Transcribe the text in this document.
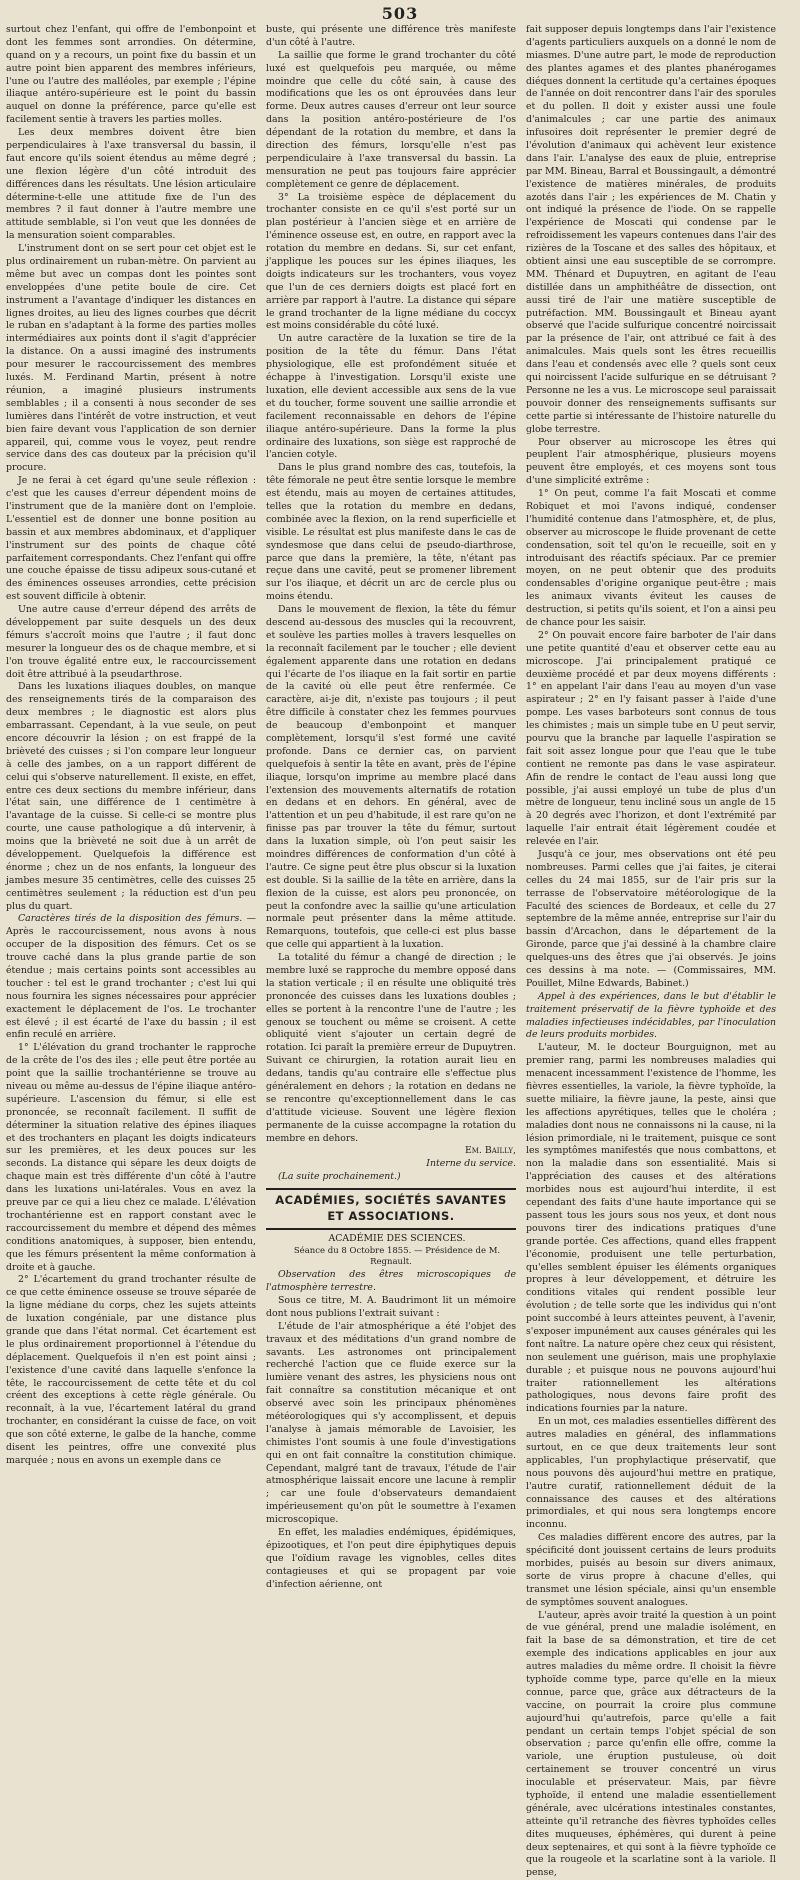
503

surtout chez l'enfant, qui offre de l'embonpoint et dont les femmes sont arrondies. On détermine, quand on y a recours, un point fixe du bassin et un autre point bien apparent des membres inférieurs, l'une ou l'autre des malléoles, par exemple ; l'épine iliaque antéro-supérieure est le point du bassin auquel on donne la préférence, parce qu'elle est facilement sentie à travers les parties molles.

Les deux membres doivent être bien perpendiculaires à l'axe transversal du bassin, il faut encore qu'ils soient étendus au même degré ; une flexion légère d'un côté introduit des différences dans les résultats. Une lésion articulaire détermine-t-elle une attitude fixe de l'un des membres ? il faut donner à l'autre membre une attitude semblable, si l'on veut que les données de la mensuration soient comparables.

L'instrument dont on se sert pour cet objet est le plus ordinairement un ruban-mètre. On parvient au même but avec un compas dont les pointes sont enveloppées d'une petite boule de cire. Cet instrument a l'avantage d'indiquer les distances en lignes droites, au lieu des lignes courbes que décrit le ruban en s'adaptant à la forme des parties molles intermédiaires aux points dont il s'agit d'apprécier la distance. On a aussi imaginé des instruments pour mesurer le raccourcissement des membres luxés. M. Ferdinand Martin, présent à notre réunion, a imaginé plusieurs instruments semblables ; il a consenti à nous seconder de ses lumières dans l'intérêt de votre instruction, et veut bien faire devant vous l'application de son dernier appareil, qui, comme vous le voyez, peut rendre service dans des cas douteux par la précision qu'il procure.

Je ne ferai à cet égard qu'une seule réflexion : c'est que les causes d'erreur dépendent moins de l'instrument que de la manière dont on l'emploie. L'essentiel est de donner une bonne position au bassin et aux membres abdominaux, et d'appliquer l'instrument sur des points de chaque côté parfaitement correspondants. Chez l'enfant qui offre une couche épaisse de tissu adipeux sous-cutané et des éminences osseuses arrondies, cette précision est souvent difficile à obtenir.

Une autre cause d'erreur dépend des arrêts de développement par suite desquels un des deux fémurs s'accroît moins que l'autre ; il faut donc mesurer la longueur des os de chaque membre, et si l'on trouve égalité entre eux, le raccourcissement doit être attribué à la pseudarthrose.

Dans les luxations iliaques doubles, on manque des renseignements tirés de la comparaison des deux membres ; le diagnostic est alors plus embarrassant. Cependant, à la vue seule, on peut encore découvrir la lésion ; on est frappé de la brièveté des cuisses ; si l'on compare leur longueur à celle des jambes, on a un rapport différent de celui qui s'observe naturellement. Il existe, en effet, entre ces deux sections du membre inférieur, dans l'état sain, une différence de 1 centimètre à l'avantage de la cuisse. Si celle-ci se montre plus courte, une cause pathologique a dû intervenir, à moins que la brièveté ne soit due à un arrêt de développement. Quelquefois la différence est énorme ; chez un de nos enfants, la longueur des jambes mesure 35 centimètres, celle des cuisses 25 centimètres seulement ; la réduction est d'un peu plus du quart.

Caractères tirés de la disposition des fémurs. — Après le raccourcissement, nous avons à nous occuper de la disposition des fémurs. Cet os se trouve caché dans la plus grande partie de son étendue ; mais certains points sont accessibles au toucher : tel est le grand trochanter ; c'est lui qui nous fournira les signes nécessaires pour apprécier exactement le déplacement de l'os. Le trochanter est élevé ; il est écarté de l'axe du bassin ; il est enfin reculé en arrière.

1° L'élévation du grand trochanter le rapproche de la crête de l'os des iles ; elle peut être portée au point que la saillie trochantérienne se trouve au niveau ou même au-dessus de l'épine iliaque antéro-supérieure. L'ascension du fémur, si elle est prononcée, se reconnaît facilement. Il suffit de déterminer la situation relative des épines iliaques et des trochanters en plaçant les doigts indicateurs sur les premières, et les deux pouces sur les seconds. La distance qui sépare les deux doigts de chaque main est très différente d'un côté à l'autre dans les luxations uni-latérales. Vous en avez la preuve par ce qui a lieu chez ce malade. L'élévation trochantérienne est en rapport constant avec le raccourcissement du membre et dépend des mêmes conditions anatomiques, à supposer, bien entendu, que les fémurs présentent la même conformation à droite et à gauche.

2° L'écartement du grand trochanter résulte de ce que cette éminence osseuse se trouve séparée de la ligne médiane du corps, chez les sujets atteints de luxation congéniale, par une distance plus grande que dans l'état normal. Cet écartement est le plus ordinairement proportionnel à l'étendue du déplacement. Quelquefois il n'en est point ainsi ; l'existence d'une cavité dans laquelle s'enfonce la tête, le raccourcissement de cette tête et du col créent des exceptions à cette règle générale. Ou reconnaît, à la vue, l'écartement latéral du grand trochanter, en considérant la cuisse de face, on voit que son côté externe, le galbe de la hanche, comme disent les peintres, offre une convexité plus marquée ; nous en avons un exemple dans ce

buste, qui présente une différence très manifeste d'un côté à l'autre.

La saillie que forme le grand trochanter du côté luxé est quelquefois peu marquée, ou même moindre que celle du côté sain, à cause des modifications que les os ont éprouvées dans leur forme. Deux autres causes d'erreur ont leur source dans la position antéro-postérieure de l'os dépendant de la rotation du membre, et dans la direction des fémurs, lorsqu'elle n'est pas perpendiculaire à l'axe transversal du bassin. La mensuration ne peut pas toujours faire apprécier complètement ce genre de déplacement.

3° La troisième espèce de déplacement du trochanter consiste en ce qu'il s'est porté sur un plan postérieur à l'ancien siège et en arrière de l'éminence osseuse est, en outre, en rapport avec la rotation du membre en dedans. Si, sur cet enfant, j'applique les pouces sur les épines iliaques, les doigts indicateurs sur les trochanters, vous voyez que l'un de ces derniers doigts est placé fort en arrière par rapport à l'autre. La distance qui sépare le grand trochanter de la ligne médiane du coccyx est moins considérable du côté luxé.

Un autre caractère de la luxation se tire de la position de la tête du fémur. Dans l'état physiologique, elle est profondément située et échappe à l'investigation. Lorsqu'il existe une luxation, elle devient accessible aux sens de la vue et du toucher, forme souvent une saillie arrondie et facilement reconnaissable en dehors de l'épine iliaque antéro-supérieure. Dans la forme la plus ordinaire des luxations, son siège est rapproché de l'ancien cotyle.

Dans le plus grand nombre des cas, toutefois, la tête fémorale ne peut être sentie lorsque le membre est étendu, mais au moyen de certaines attitudes, telles que la rotation du membre en dedans, combinée avec la flexion, on la rend superficielle et visible. Le résultat est plus manifeste dans le cas de syndesmose que dans celui de pseudo-diarthrose, parce que dans la première, la tête, n'étant pas reçue dans une cavité, peut se promener librement sur l'os iliaque, et décrit un arc de cercle plus ou moins étendu.

Dans le mouvement de flexion, la tête du fémur descend au-dessous des muscles qui la recouvrent, et soulève les parties molles à travers lesquelles on la reconnaît facilement par le toucher ; elle devient également apparente dans une rotation en dedans qui l'écarte de l'os iliaque en la fait sortir en partie de la cavité où elle peut être renfermée. Ce caractère, ai-je dit, n'existe pas toujours ; il peut être difficile à constater chez les femmes pourvues de beaucoup d'embonpoint et manquer complètement, lorsqu'il s'est formé une cavité profonde. Dans ce dernier cas, on parvient quelquefois à sentir la tête en avant, près de l'épine iliaque, lorsqu'on imprime au membre placé dans l'extension des mouvements alternatifs de rotation en dedans et en dehors. En général, avec de l'attention et un peu d'habitude, il est rare qu'on ne finisse pas par trouver la tête du fémur, surtout dans la luxation simple, où l'on peut saisir les moindres différences de conformation d'un côté à l'autre. Ce signe peut être plus obscur si la luxation est double. Si la saillie de la tête en arrière, dans la flexion de la cuisse, est alors peu prononcée, on peut la confondre avec la saillie qu'une articulation normale peut présenter dans la même attitude. Remarquons, toutefois, que celle-ci est plus basse que celle qui appartient à la luxation.

La totalité du fémur a changé de direction ; le membre luxé se rapproche du membre opposé dans la station verticale ; il en résulte une obliquité très prononcée des cuisses dans les luxations doubles ; elles se portent à la rencontre l'une de l'autre ; les genoux se touchent ou même se croisent. A cette obliquité vient s'ajouter un certain degré de rotation. Ici paraît la première erreur de Dupuytren. Suivant ce chirurgien, la rotation aurait lieu en dedans, tandis qu'au contraire elle s'effectue plus généralement en dehors ; la rotation en dedans ne se rencontre qu'exceptionnellement dans le cas d'attitude vicieuse. Souvent une légère flexion permanente de la cuisse accompagne la rotation du membre en dehors.

Em. Bailly,

Interne du service.

(La suite prochainement.)

ACADÉMIES, SOCIÉTÉS SAVANTES ET ASSOCIATIONS.

ACADÉMIE DES SCIENCES.

Séance du 8 Octobre 1855. — Présidence de M. Regnault.

Observation des êtres microscopiques de l'atmosphère terrestre.

Sous ce titre, M. A. Baudrimont lit un mémoire dont nous publions l'extrait suivant :

L'étude de l'air atmosphérique a été l'objet des travaux et des méditations d'un grand nombre de savants. Les astronomes ont principalement recherché l'action que ce fluide exerce sur la lumière venant des astres, les physiciens nous ont fait connaître sa constitution mécanique et ont observé avec soin les principaux phénomènes météorologiques qui s'y accomplissent, et depuis l'analyse à jamais mémorable de Lavoisier, les chimistes l'ont soumis à une foule d'investigations qui en ont fait connaître la constitution chimique. Cependant, malgré tant de travaux, l'étude de l'air atmosphérique laissait encore une lacune à remplir ; car une foule d'observateurs demandaient impérieusement qu'on pût le soumettre à l'examen microscopique.

En effet, les maladies endémiques, épidémiques, épizootiques, et l'on peut dire épiphytiques depuis que l'oïdium ravage les vignobles, celles dites contagieuses et qui se propagent par voie d'infection aérienne, ont

fait supposer depuis longtemps dans l'air l'existence d'agents particuliers auxquels on a donné le nom de miasmes. D'une autre part, le mode de reproduction des plantes agames et des plantes phanérogames diéques donnent la certitude qu'a certaines époques de l'année on doit rencontrer dans l'air des sporules et du pollen. Il doit y exister aussi une foule d'animalcules ; car une partie des animaux infusoires doit représenter le premier degré de l'évolution d'animaux qui achèvent leur existence dans l'air. L'analyse des eaux de pluie, entreprise par MM. Bineau, Barral et Boussingault, a démontré l'existence de matières minérales, de produits azotés dans l'air ; les expériences de M. Chatin y ont indiqué la présence de l'iode. On se rappelle l'expérience de Moscati qui condense par le refroidissement les vapeurs contenues dans l'air des rizières de la Toscane et des salles des hôpitaux, et obtient ainsi une eau susceptible de se corrompre. MM. Thénard et Dupuytren, en agitant de l'eau distillée dans un amphithéâtre de dissection, ont aussi tiré de l'air une matière susceptible de putréfaction. MM. Boussingault et Bineau ayant observé que l'acide sulfurique concentré noircissait par la présence de l'air, ont attribué ce fait à des animalcules. Mais quels sont les êtres recueillis dans l'eau et condensés avec elle ? quels sont ceux qui noircissent l'acide sulfurique en se détruisant ? Personne ne les a vus. Le microscope seul paraissait pouvoir donner des renseignements suffisants sur cette partie si intéressante de l'histoire naturelle du globe terrestre.

Pour observer au microscope les êtres qui peuplent l'air atmosphérique, plusieurs moyens peuvent être employés, et ces moyens sont tous d'une simplicité extrême :

1° On peut, comme l'a fait Moscati et comme Robiquet et moi l'avons indiqué, condenser l'humidité contenue dans l'atmosphère, et, de plus, observer au microscope le fluide provenant de cette condensation, soit tel qu'on le recueille, soit en y introduisant des réactifs spéciaux. Par ce premier moyen, on ne peut obtenir que des produits condensables d'origine organique peut-être ; mais les animaux vivants éviteut les causes de destruction, si petits qu'ils soient, et l'on a ainsi peu de chance pour les saisir.

2° On pouvait encore faire barboter de l'air dans une petite quantité d'eau et observer cette eau au microscope. J'ai principalement pratiqué ce deuxième procédé et par deux moyens différents : 1° en appelant l'air dans l'eau au moyen d'un vase aspirateur ; 2° en l'y faisant passer à l'aide d'une pompe. Les vases barboteurs sont connus de tous les chimistes ; mais un simple tube en U peut servir, pourvu que la branche par laquelle l'aspiration se fait soit assez longue pour que l'eau que le tube contient ne remonte pas dans le vase aspirateur. Afin de rendre le contact de l'eau aussi long que possible, j'ai aussi employé un tube de plus d'un mètre de longueur, tenu incliné sous un angle de 15 à 20 degrés avec l'horizon, et dont l'extrémité par laquelle l'air entrait était légèrement coudée et relevée en l'air.

Jusqu'à ce jour, mes observations ont été peu nombreuses. Parmi celles que j'ai faites, je citerai celles du 24 mai 1855, sur de l'air pris sur la terrasse de l'observatoire météorologique de la Faculté des sciences de Bordeaux, et celle du 27 septembre de la même année, entreprise sur l'air du bassin d'Arcachon, dans le département de la Gironde, parce que j'ai dessiné à la chambre claire quelques-uns des êtres que j'ai observés. Je joins ces dessins à ma note. — (Commissaires, MM. Pouillet, Milne Edwards, Babinet.)

Appel à des expériences, dans le but d'établir le traitement préservatif de la fièvre typhoïde et des maladies infectieuses indécidables, par l'inoculation de leurs produits morbides.

L'auteur, M. le docteur Bourguignon, met au premier rang, parmi les nombreuses maladies qui menacent incessamment l'existence de l'homme, les fièvres essentielles, la variole, la fièvre typhoïde, la suette miliaire, la fièvre jaune, la peste, ainsi que les affections apyrétiques, telles que le choléra ; maladies dont nous ne connaissons ni la cause, ni la lésion primordiale, ni le traitement, puisque ce sont les symptômes manifestés que nous combattons, et non la maladie dans son essentialité. Mais si l'appréciation des causes et des altérations morbides nous est aujourd'hui interdite, il est cependant des faits d'une haute importance qui se passent tous les jours sous nos yeux, et dont nous pouvons tirer des indications pratiques d'une grande portée. Ces affections, quand elles frappent l'économie, produisent une telle perturbation, qu'elles semblent épuiser les éléments organiques propres à leur développement, et détruire les conditions vitales qui rendent possible leur évolution ; de telle sorte que les individus qui n'ont point succombé à leurs atteintes peuvent, à l'avenir, s'exposer impunément aux causes générales qui les font naître. La nature opère chez ceux qui résistent, non seulement une guérison, mais une prophylaxie durable ; et puisque nous ne pouvons aujourd'hui traiter rationnellement les altérations pathologiques, nous devons faire profit des indications fournies par la nature.

En un mot, ces maladies essentielles diffèrent des autres maladies en général, des inflammations surtout, en ce que deux traitements leur sont applicables, l'un prophylactique préservatif, que nous pouvons dès aujourd'hui mettre en pratique, l'autre curatif, rationnellement déduit de la connaissance des causes et des altérations primordiales, et qui nous sera longtemps encore inconnu.

Ces maladies diffèrent encore des autres, par la spécificité dont jouissent certains de leurs produits morbides, puisés au besoin sur divers animaux, sorte de virus propre à chacune d'elles, qui transmet une lésion spéciale, ainsi qu'un ensemble de symptômes souvent analogues.

L'auteur, après avoir traité la question à un point de vue général, prend une maladie isolément, en fait la base de sa démonstration, et tire de cet exemple des indications applicables en jour aux autres maladies du même ordre. Il choisit la fièvre typhoïde comme type, parce qu'elle en la mieux connue, parce que, grâce aux détracteurs de la vaccine, on pourrait la croire plus commune aujourd'hui qu'autrefois, parce qu'elle a fait pendant un certain temps l'objet spécial de son observation ; parce qu'enfin elle offre, comme la variole, une éruption pustuleuse, où doit certainement se trouver concentré un virus inoculable et préservateur. Mais, par fièvre typhoïde, il entend une maladie essentiellement générale, avec ulcérations intestinales constantes, atteinte qu'il retranche des fièvres typhoïdes celles dites muqueuses, éphémères, qui durent à peine deux septenaires, et qui sont à la fièvre typhoïde ce que la rougeole et la scarlatine sont à la variole. Il pense,
